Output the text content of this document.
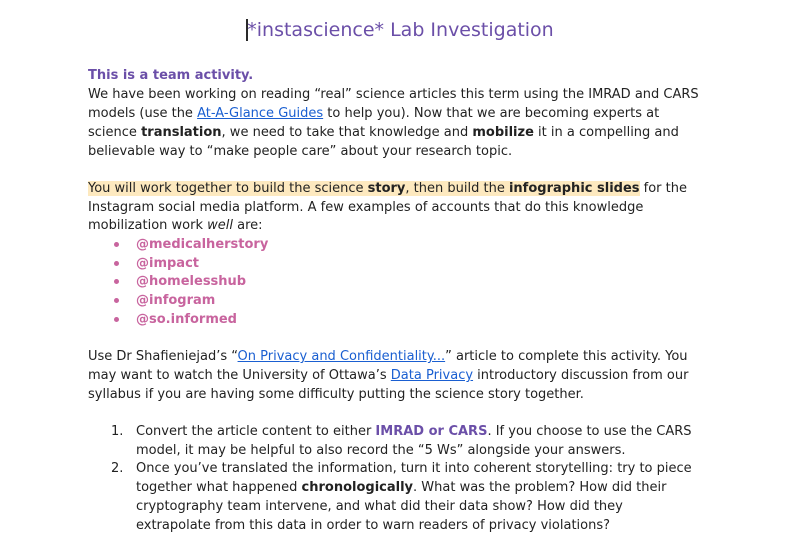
*instascience* Lab Investigation
This is a team activity.
We have been working on reading “real” science articles this term using the IMRAD and CARS
models (use the At-A-Glance Guides to help you). Now that we are becoming experts at
science translation, we need to take that knowledge and mobilize it in a compelling and
believable way to “make people care” about your research topic.
You will work together to build the science story, then build the infographic slides for the
Instagram social media platform. A few examples of accounts that do this knowledge
mobilization work well are:
@medicalherstory
@impact
@homelesshub
@infogram
@so.informed
Use Dr Shafieniejad’s “On Privacy and Confidentiality...” article to complete this activity. You
may want to watch the University of Ottawa’s Data Privacy introductory discussion from our
syllabus if you are having some difficulty putting the science story together.
1. Convert the article content to either IMRAD or CARS. If you choose to use the CARS
model, it may be helpful to also record the “5 Ws” alongside your answers.
2. Once you’ve translated the information, turn it into coherent storytelling: try to piece
together what happened chronologically. What was the problem? How did their
cryptography team intervene, and what did their data show? How did they
extrapolate from this data in order to warn readers of privacy violations?
